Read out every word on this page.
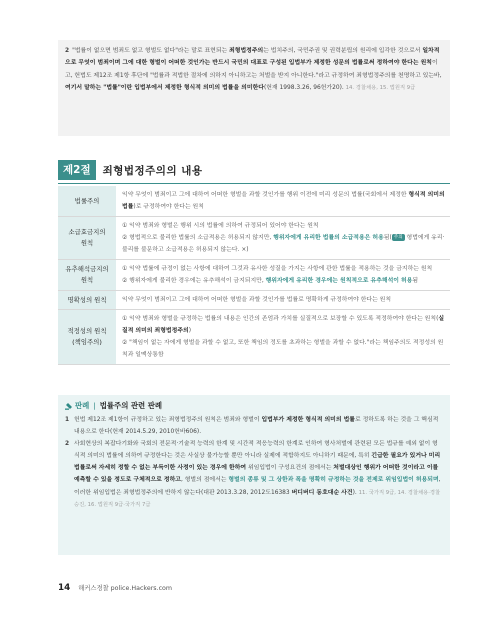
2 "법률이 없으면 범죄도 없고 형벌도 없다"라는 말로 표현되는 죄형법정주의는 법치주의, 국민주권 및 권력분립의 원리에 입각한 것으로서 일차적으로 무엇이 범죄이며 그에 대한 형벌이 어떠한 것인가는 반드시 국민의 대표로 구성된 입법부가 제정한 성문의 법률로써 정하여야 한다는 원칙이고, 헌법도 제12조 제1항 후단에 "법률과 적법한 절차에 의하지 아니하고는 처벌을 받지 아니한다."라고 규정하여 죄형법정주의를 천명하고 있는바, 여기서 말하는 "법률"이란 입법부에서 제정한 형식적 의미의 법률을 의미한다(헌재 1998.3.26, 96헌가20). 14. 경찰채용, 15. 법원직 9급
제2절	죄형법정주의의 내용
법률주의
익약 무엇이 범죄이고 그에 대하여 어떠한 형벌을 과할 것인가를 행위 이전에 미리 성문의 법률(국회에서 제정한 형식적 의미의 법률)로 규정하여야 한다는 원칙
소급효금지의
원칙
① 익약 범죄와 형벌은 행위 시의 법률에 의하여 규정되어 있어야 한다는 원칙
② 형법적으로 불리한 법률의 소급적용은 허용되지 않지만, 행위자에게 유리한 법률의 소급적용은 허용됨( 주의 형법에게 유리·불리를 불문하고 소급적용은 허용되지 않는다. ×)
유추해석금지의
원칙
① 익약 법률에 규정이 없는 사항에 대하여 그것과 유사한 성질을 가지는 사항에 관한 법률을 적용하는 것을 금지하는 원칙
② 행위자에게 불리한 경우에는 유추해석이 금지되지만, 행위자에게 유리한 경우에는 원칙적으로 유추해석이 허용됨
명확성의 원칙	익약 무엇이 범죄이고 그에 대하여 어떠한 형벌을 과할 것인가를 법률로 명확하게 규정하여야 한다는 원칙
적정성의 원칙
(책임주의)
① 익약 범죄와 형벌을 규정하는 법률의 내용은 인간의 존엄과 가치를 실질적으로 보장할 수 있도록 적정하여야 한다는 원칙(실질적 의미의 죄형법정주의)
② "책임이 없는 자에게 형벌을 과할 수 없고, 또한 책임의 정도를 초과하는 형벌을 과할 수 없다."라는 책임주의도 적정성의 원칙과 일맥상통함
판례 | 법률주의 관련 판례
1 헌법 제12조 제1항이 규정하고 있는 죄형법정주의 원칙은 범죄와 형벌이 입법부가 제정한 형식적 의미의 법률로 정하도록 하는 것을 그 핵심적 내용으로 한다(헌재 2014.5.29, 2010헌바606).
2 사회현상의 복잡다기화와 국회의 전문적·기술적 능력의 한계 및 시간적 적응능력의 한계로 인하여 형사처벌에 관련된 모든 법규를 예외 없이 형식적 의미의 법률에 의하여 규정한다는 것은 사실상 불가능할 뿐만 아니라 실제에 적합하지도 아니하기 때문에, 특히 긴급한 필요가 있거나 미리 법률로써 자세히 정할 수 없는 부득이한 사정이 있는 경우에 한하여 위임입법이 구성요건의 점에서는 처벌대상인 행위가 어떠한 것이라고 이를 예측할 수 있을 정도로 구체적으로 정하고, 형벌의 점에서는 형벌의 종류 및 그 상한과 폭을 명확히 규정하는 것을 전제로 위임입법이 허용되며, 이러한 위임입법은 죄형법정주의에 반하지 않는다(대판 2013.3.28, 2012도16383 버디버디 동호대순 사건). 11. 국가직 9급, 14. 경찰채용·경찰승진, 16. 법원직 9급·국가직 7급
14 해커스경찰 police.Hackers.com
